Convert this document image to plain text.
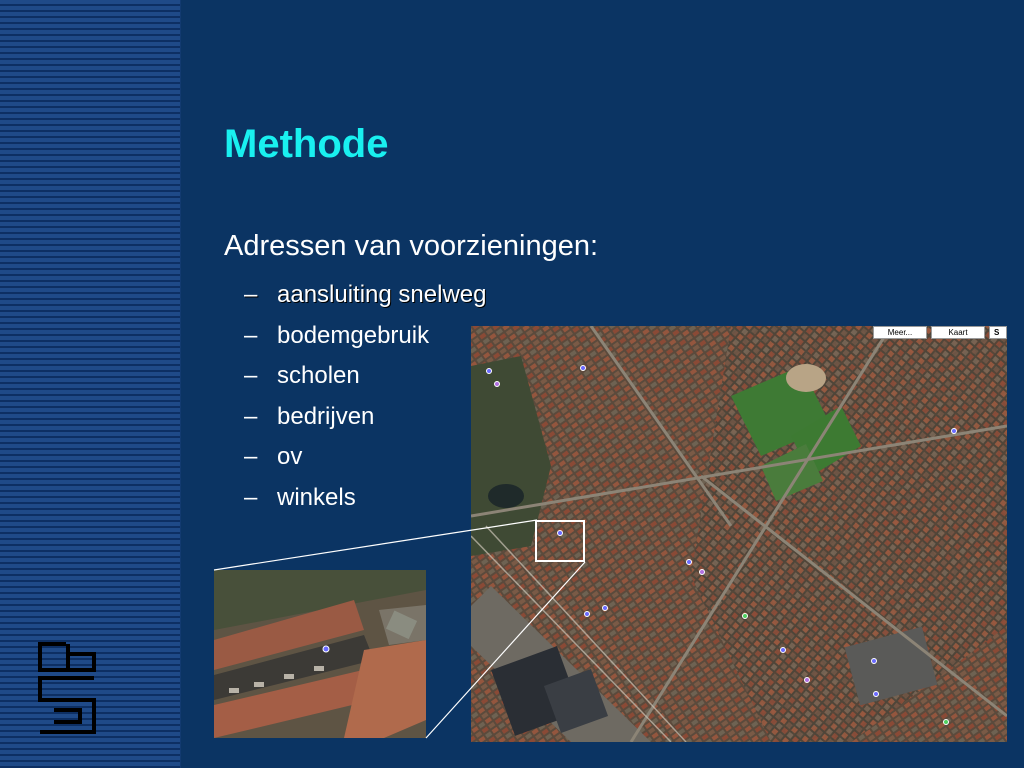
Methode
Adressen van voorzieningen:
– aansluiting snelweg
– bodemgebruik
– scholen
– bedrijven
– ov
– winkels
Meer...	Kaart	S
